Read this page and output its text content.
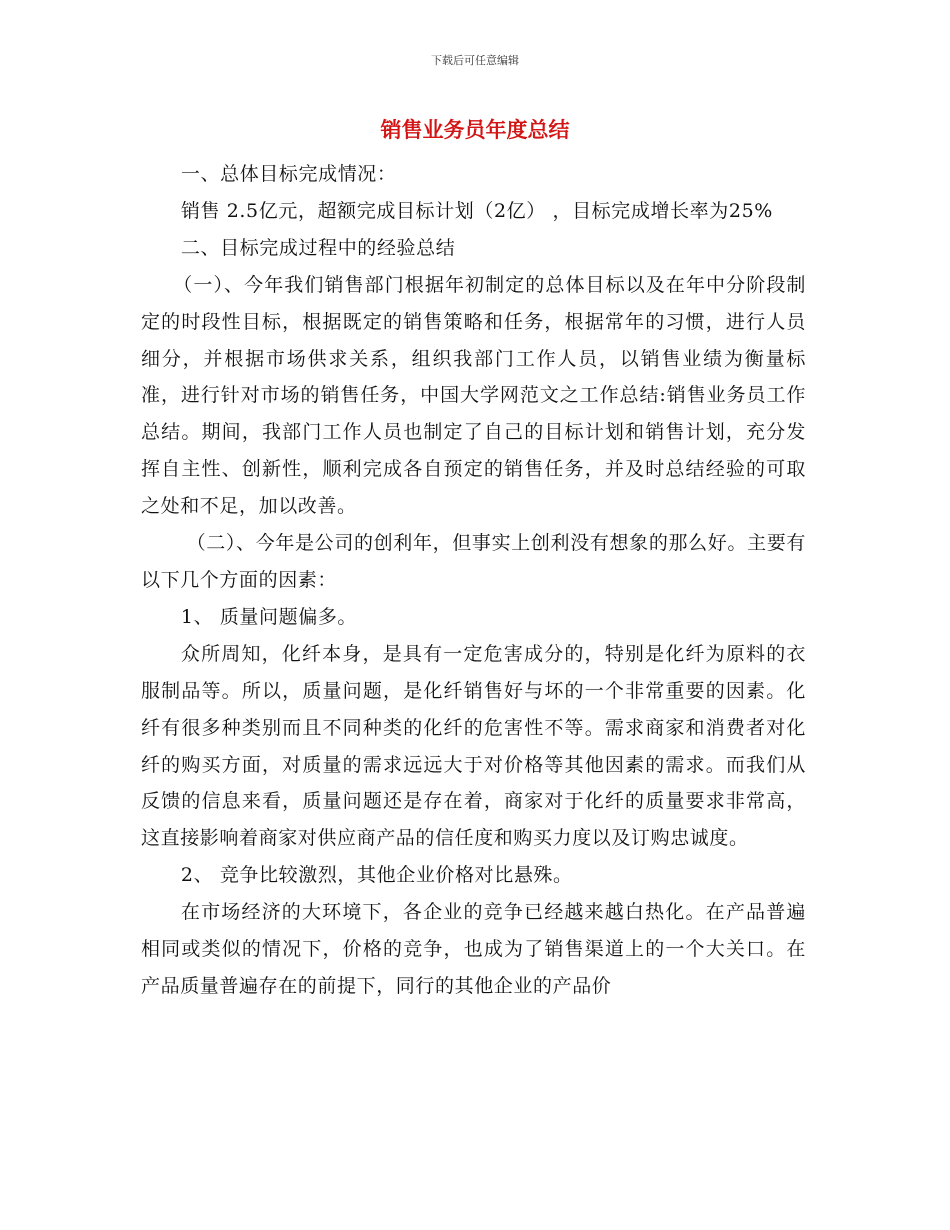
下载后可任意编辑
销售业务员年度总结

一、总体目标完成情况：

销售 2.5亿元，超额完成目标计划（2亿） ，目标完成增长率为25%

二、目标完成过程中的经验总结

（一）、今年我们销售部门根据年初制定的总体目标以及在年中分阶段制定的时段性目标，根据既定的销售策略和任务，根据常年的习惯，进行人员细分，并根据市场供求关系，组织我部门工作人员，以销售业绩为衡量标准，进行针对市场的销售任务，中国大学网范文之工作总结:销售业务员工作总结。期间，我部门工作人员也制定了自己的目标计划和销售计划，充分发挥自主性、创新性，顺利完成各自预定的销售任务，并及时总结经验的可取之处和不足，加以改善。

（二）、今年是公司的创利年，但事实上创利没有想象的那么好。主要有以下几个方面的因素：

1、 质量问题偏多。

众所周知，化纤本身，是具有一定危害成分的，特别是化纤为原料的衣服制品等。所以，质量问题，是化纤销售好与坏的一个非常重要的因素。化纤有很多种类别而且不同种类的化纤的危害性不等。需求商家和消费者对化纤的购买方面，对质量的需求远远大于对价格等其他因素的需求。而我们从反馈的信息来看，质量问题还是存在着，商家对于化纤的质量要求非常高，这直接影响着商家对供应商产品的信任度和购买力度以及订购忠诚度。

2、 竞争比较激烈，其他企业价格对比悬殊。

在市场经济的大环境下，各企业的竞争已经越来越白热化。在产品普遍相同或类似的情况下，价格的竞争，也成为了销售渠道上的一个大关口。在产品质量普遍存在的前提下，同行的其他企业的产品价
